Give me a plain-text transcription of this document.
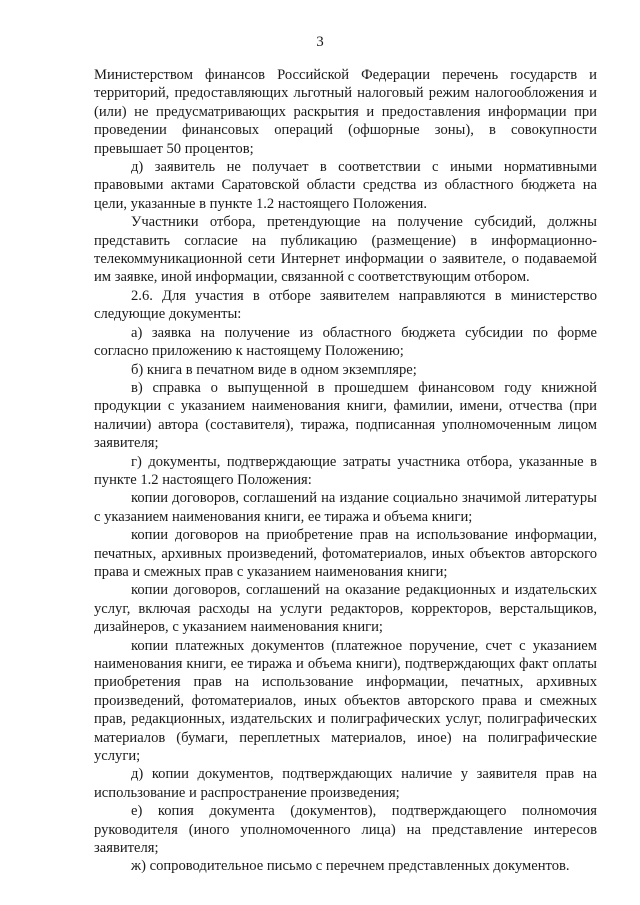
3

Министерством финансов Российской Федерации перечень государств и территорий, предоставляющих льготный налоговый режим налогообложения и (или) не предусматривающих раскрытия и предоставления информации при проведении финансовых операций (офшорные зоны), в совокупности превышает 50 процентов;

д) заявитель не получает в соответствии с иными нормативными правовыми актами Саратовской области средства из областного бюджета на цели, указанные в пункте 1.2 настоящего Положения.

Участники отбора, претендующие на получение субсидий, должны представить согласие на публикацию (размещение) в информационно-телекоммуникационной сети Интернет информации о заявителе, о подаваемой им заявке, иной информации, связанной с соответствующим отбором.

2.6. Для участия в отборе заявителем направляются в министерство следующие документы:

а) заявка на получение из областного бюджета субсидии по форме согласно приложению к настоящему Положению;

б) книга в печатном виде в одном экземпляре;

в) справка о выпущенной в прошедшем финансовом году книжной продукции с указанием наименования книги, фамилии, имени, отчества (при наличии) автора (составителя), тиража, подписанная уполномоченным лицом заявителя;

г) документы, подтверждающие затраты участника отбора, указанные в пункте 1.2 настоящего Положения:

копии договоров, соглашений на издание социально значимой литературы с указанием наименования книги, ее тиража и объема книги;

копии договоров на приобретение прав на использование информации, печатных, архивных произведений, фотоматериалов, иных объектов авторского права и смежных прав с указанием наименования книги;

копии договоров, соглашений на оказание редакционных и издательских услуг, включая расходы на услуги редакторов, корректоров, верстальщиков, дизайнеров, с указанием наименования книги;

копии платежных документов (платежное поручение, счет с указанием наименования книги, ее тиража и объема книги), подтверждающих факт оплаты приобретения прав на использование информации, печатных, архивных произведений, фотоматериалов, иных объектов авторского права и смежных прав, редакционных, издательских и полиграфических услуг, полиграфических материалов (бумаги, переплетных материалов, иное) на полиграфические услуги;

д) копии документов, подтверждающих наличие у заявителя прав на использование и распространение произведения;

е) копия документа (документов), подтверждающего полномочия руководителя (иного уполномоченного лица) на представление интересов заявителя;

ж) сопроводительное письмо с перечнем представленных документов.
